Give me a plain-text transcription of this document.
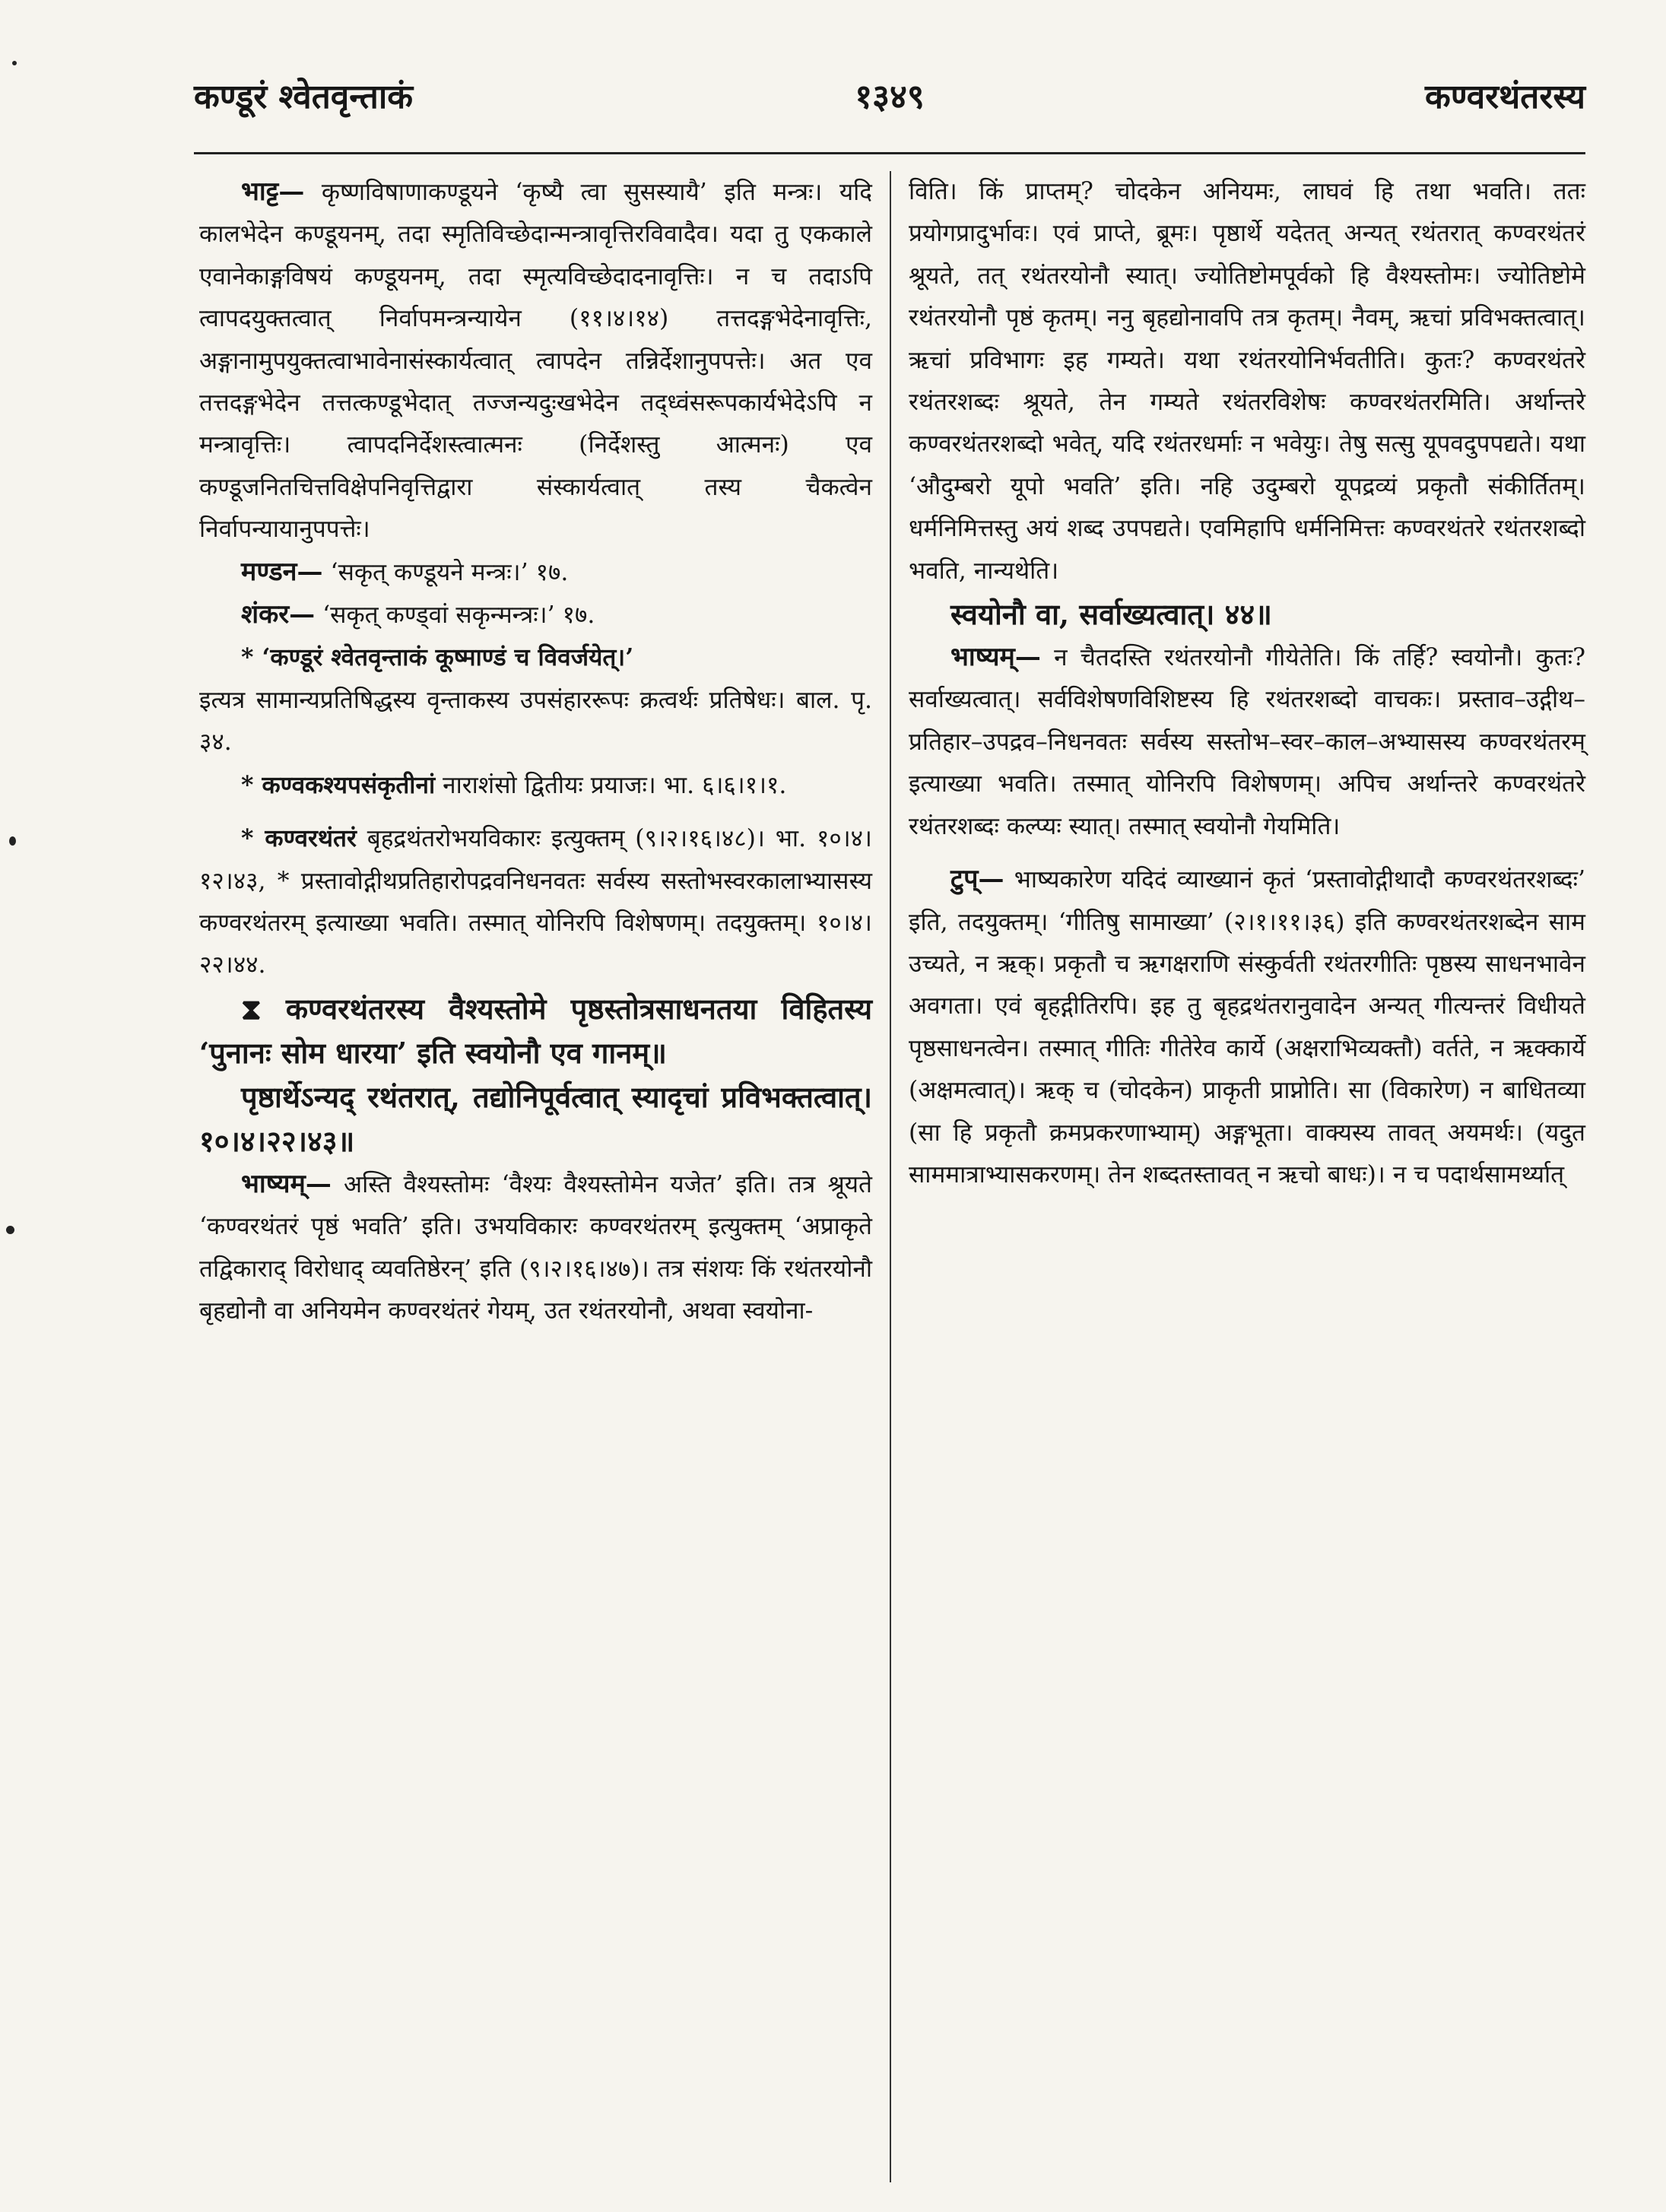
कण्डूरं श्वेतवृन्ताकं	१३४९	कण्वरथंतरस्य

भाट्ट— कृष्णविषाणाकण्डूयने ‘कृष्यै त्वा सुसस्यायै’ इति मन्त्रः। यदि कालभेदेन कण्डूयनम्, तदा स्मृतिविच्छेदान्मन्त्रावृत्तिरविवादैव। यदा तु एककाले एवानेकाङ्गविषयं कण्डूयनम्, तदा स्मृत्यविच्छेदादनावृत्तिः। न च तदाऽपि त्वापदयुक्तत्वात् निर्वापमन्त्रन्यायेन (११।४।१४) तत्तदङ्गभेदेनावृत्तिः, अङ्गानामुपयुक्तत्वाभावेनासंस्कार्यत्वात् त्वापदेन तन्निर्देशानुपपत्तेः। अत एव तत्तदङ्गभेदेन तत्तत्कण्डूभेदात् तज्जन्यदुःखभेदेन तद्ध्वंसरूपकार्यभेदेऽपि न मन्त्रावृत्तिः। त्वापदनिर्देशस्त्वात्मनः (निर्देशस्तु आत्मनः) एव कण्डूजनितचित्तविक्षेपनिवृत्तिद्वारा संस्कार्यत्वात् तस्य चैकत्वेन निर्वापन्यायानुपपत्तेः।

मण्डन— ‘सकृत् कण्डूयने मन्त्रः।’ १७.

शंकर— ‘सकृत् कण्ड्वां सकृन्मन्त्रः।’ १७.

* ‘कण्डूरं श्वेतवृन्ताकं कूष्माण्डं च विवर्जयेत्।’
इत्यत्र सामान्यप्रतिषिद्धस्य वृन्ताकस्य उपसंहाररूपः क्रत्वर्थः प्रतिषेधः। बाल. पृ. ३४.

* कण्वकश्यपसंकृतीनां नाराशंसो द्वितीयः प्रयाजः। भा. ६।६।१।१.

* कण्वरथंतरं बृहद्रथंतरोभयविकारः इत्युक्तम् (९।२।१६।४८)। भा. १०।४।१२।४३, * प्रस्तावोद्गीथप्रतिहारोपद्रवनिधनवतः सर्वस्य सस्तोभस्वरकालाभ्यासस्य कण्वरथंतरम् इत्याख्या भवति। तस्मात् योनिरपि विशेषणम्। तदयुक्तम्। १०।४।२२।४४.

⧗ कण्वरथंतरस्य वैश्यस्तोमे पृष्ठस्तोत्रसाधनतया विहितस्य ‘पुनानः सोम धारया’ इति स्वयोनौ एव गानम्॥

पृष्ठार्थेऽन्यद् रथंतरात्, तद्योनिपूर्वत्वात् स्यादृचां प्रविभक्तत्वात्। १०।४।२२।४३॥

भाष्यम्— अस्ति वैश्यस्तोमः ‘वैश्यः वैश्यस्तोमेन यजेत’ इति। तत्र श्रूयते ‘कण्वरथंतरं पृष्ठं भवति’ इति। उभयविकारः कण्वरथंतरम् इत्युक्तम् ‘अप्राकृते तद्विकाराद् विरोधाद् व्यवतिष्ठेरन्’ इति (९।२।१६।४७)। तत्र संशयः किं रथंतरयोनौ बृहद्योनौ वा अनियमेन कण्वरथंतरं गेयम्, उत रथंतरयोनौ, अथवा स्वयोना-

विति। किं प्राप्तम्? चोदकेन अनियमः, लाघवं हि तथा भवति। ततः प्रयोगप्रादुर्भावः। एवं प्राप्ते, ब्रूमः। पृष्ठार्थे यदेतत् अन्यत् रथंतरात् कण्वरथंतरं श्रूयते, तत् रथंतरयोनौ स्यात्। ज्योतिष्टोमपूर्वको हि वैश्यस्तोमः। ज्योतिष्टोमे रथंतरयोनौ पृष्ठं कृतम्। ननु बृहद्योनावपि तत्र कृतम्। नैवम्, ऋचां प्रविभक्तत्वात्। ऋचां प्रविभागः इह गम्यते। यथा रथंतरयोनिर्भवतीति। कुतः? कण्वरथंतरे रथंतरशब्दः श्रूयते, तेन गम्यते रथंतरविशेषः कण्वरथंतरमिति। अर्थान्तरे कण्वरथंतरशब्दो भवेत्, यदि रथंतरधर्माः न भवेयुः। तेषु सत्सु यूपवदुपपद्यते। यथा ‘औदुम्बरो यूपो भवति’ इति। नहि उदुम्बरो यूपद्रव्यं प्रकृतौ संकीर्तितम्। धर्मनिमित्तस्तु अयं शब्द उपपद्यते। एवमिहापि धर्मनिमित्तः कण्वरथंतरे रथंतरशब्दो भवति, नान्यथेति।

स्वयोनौ वा, सर्वाख्यत्वात्। ४४॥

भाष्यम्— न चैतदस्ति रथंतरयोनौ गीयेतेति। किं तर्हि? स्वयोनौ। कुतः? सर्वाख्यत्वात्। सर्वविशेषणविशिष्टस्य हि रथंतरशब्दो वाचकः। प्रस्ताव–उद्गीथ–प्रतिहार–उपद्रव–निधनवतः सर्वस्य सस्तोभ–स्वर–काल–अभ्यासस्य कण्वरथंतरम् इत्याख्या भवति। तस्मात् योनिरपि विशेषणम्। अपिच अर्थान्तरे कण्वरथंतरे रथंतरशब्दः कल्प्यः स्यात्। तस्मात् स्वयोनौ गेयमिति।

टुप्— भाष्यकारेण यदिदं व्याख्यानं कृतं ‘प्रस्तावोद्गीथादौ कण्वरथंतरशब्दः’ इति, तदयुक्तम्। ‘गीतिषु सामाख्या’ (२।१।११।३६) इति कण्वरथंतरशब्देन साम उच्यते, न ऋक्। प्रकृतौ च ऋगक्षराणि संस्कुर्वती रथंतरगीतिः पृष्ठस्य साधनभावेन अवगता। एवं बृहद्गीतिरपि। इह तु बृहद्रथंतरानुवादेन अन्यत् गीत्यन्तरं विधीयते पृष्ठसाधनत्वेन। तस्मात् गीतिः गीतेरेव कार्ये (अक्षराभिव्यक्तौ) वर्तते, न ऋक्कार्ये (अक्षमत्वात्)। ऋक् च (चोदकेन) प्राकृती प्राप्नोति। सा (विकारेण) न बाधितव्या (सा हि प्रकृतौ क्रमप्रकरणाभ्याम्) अङ्गभूता। वाक्यस्य तावत् अयमर्थः। (यदुत साममात्राभ्यासकरणम्। तेन शब्दतस्तावत् न ऋचो बाधः)। न च पदार्थसामर्थ्यात्
